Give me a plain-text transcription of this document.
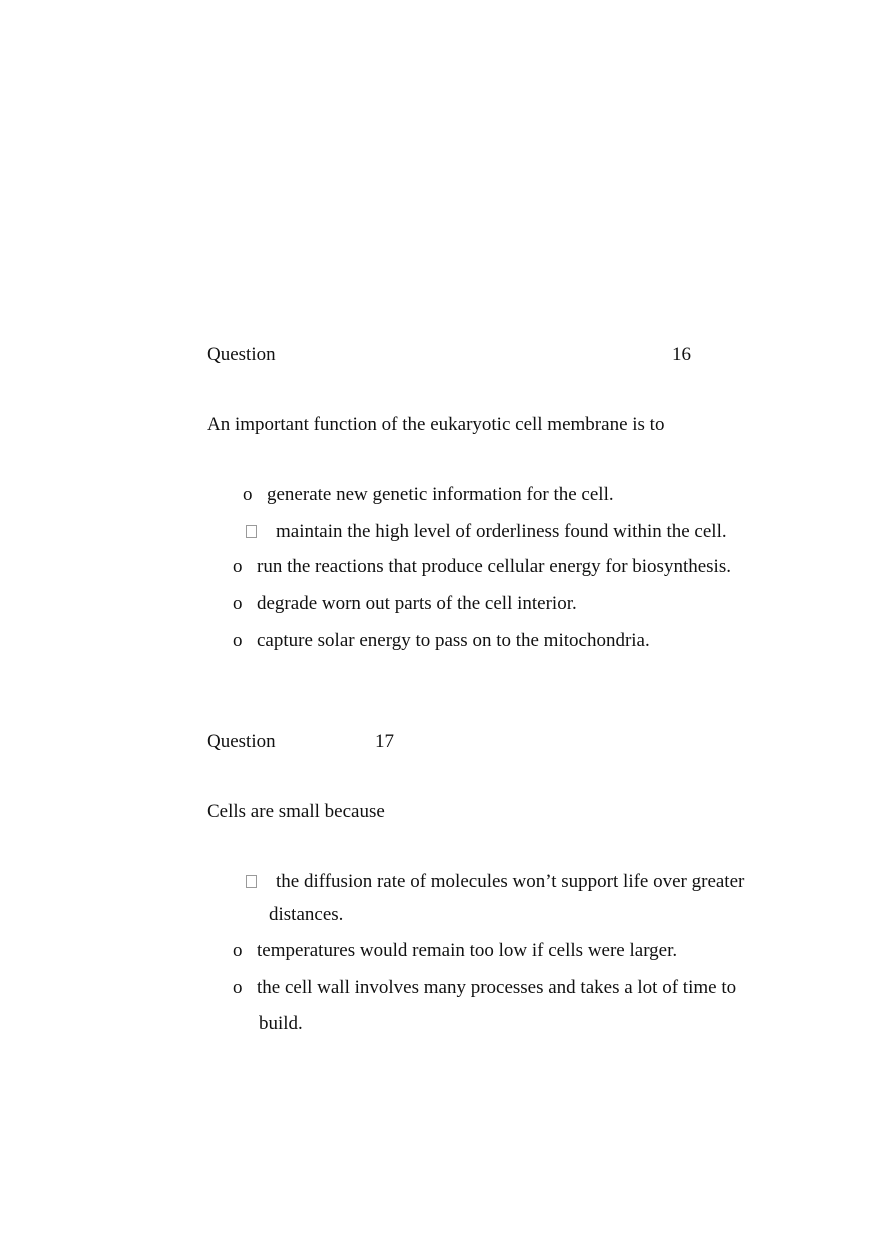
Question	16

An important function of the eukaryotic cell membrane is to

o generate new genetic information for the cell.

maintain the high level of orderliness found within the cell.

o run the reactions that produce cellular energy for biosynthesis.

o degrade worn out parts of the cell interior.

o capture solar energy to pass on to the mitochondria.

Question	17

Cells are small because

the diffusion rate of molecules won’t support life over greater

distances.

o temperatures would remain too low if cells were larger.

o the cell wall involves many processes and takes a lot of time to

build.
